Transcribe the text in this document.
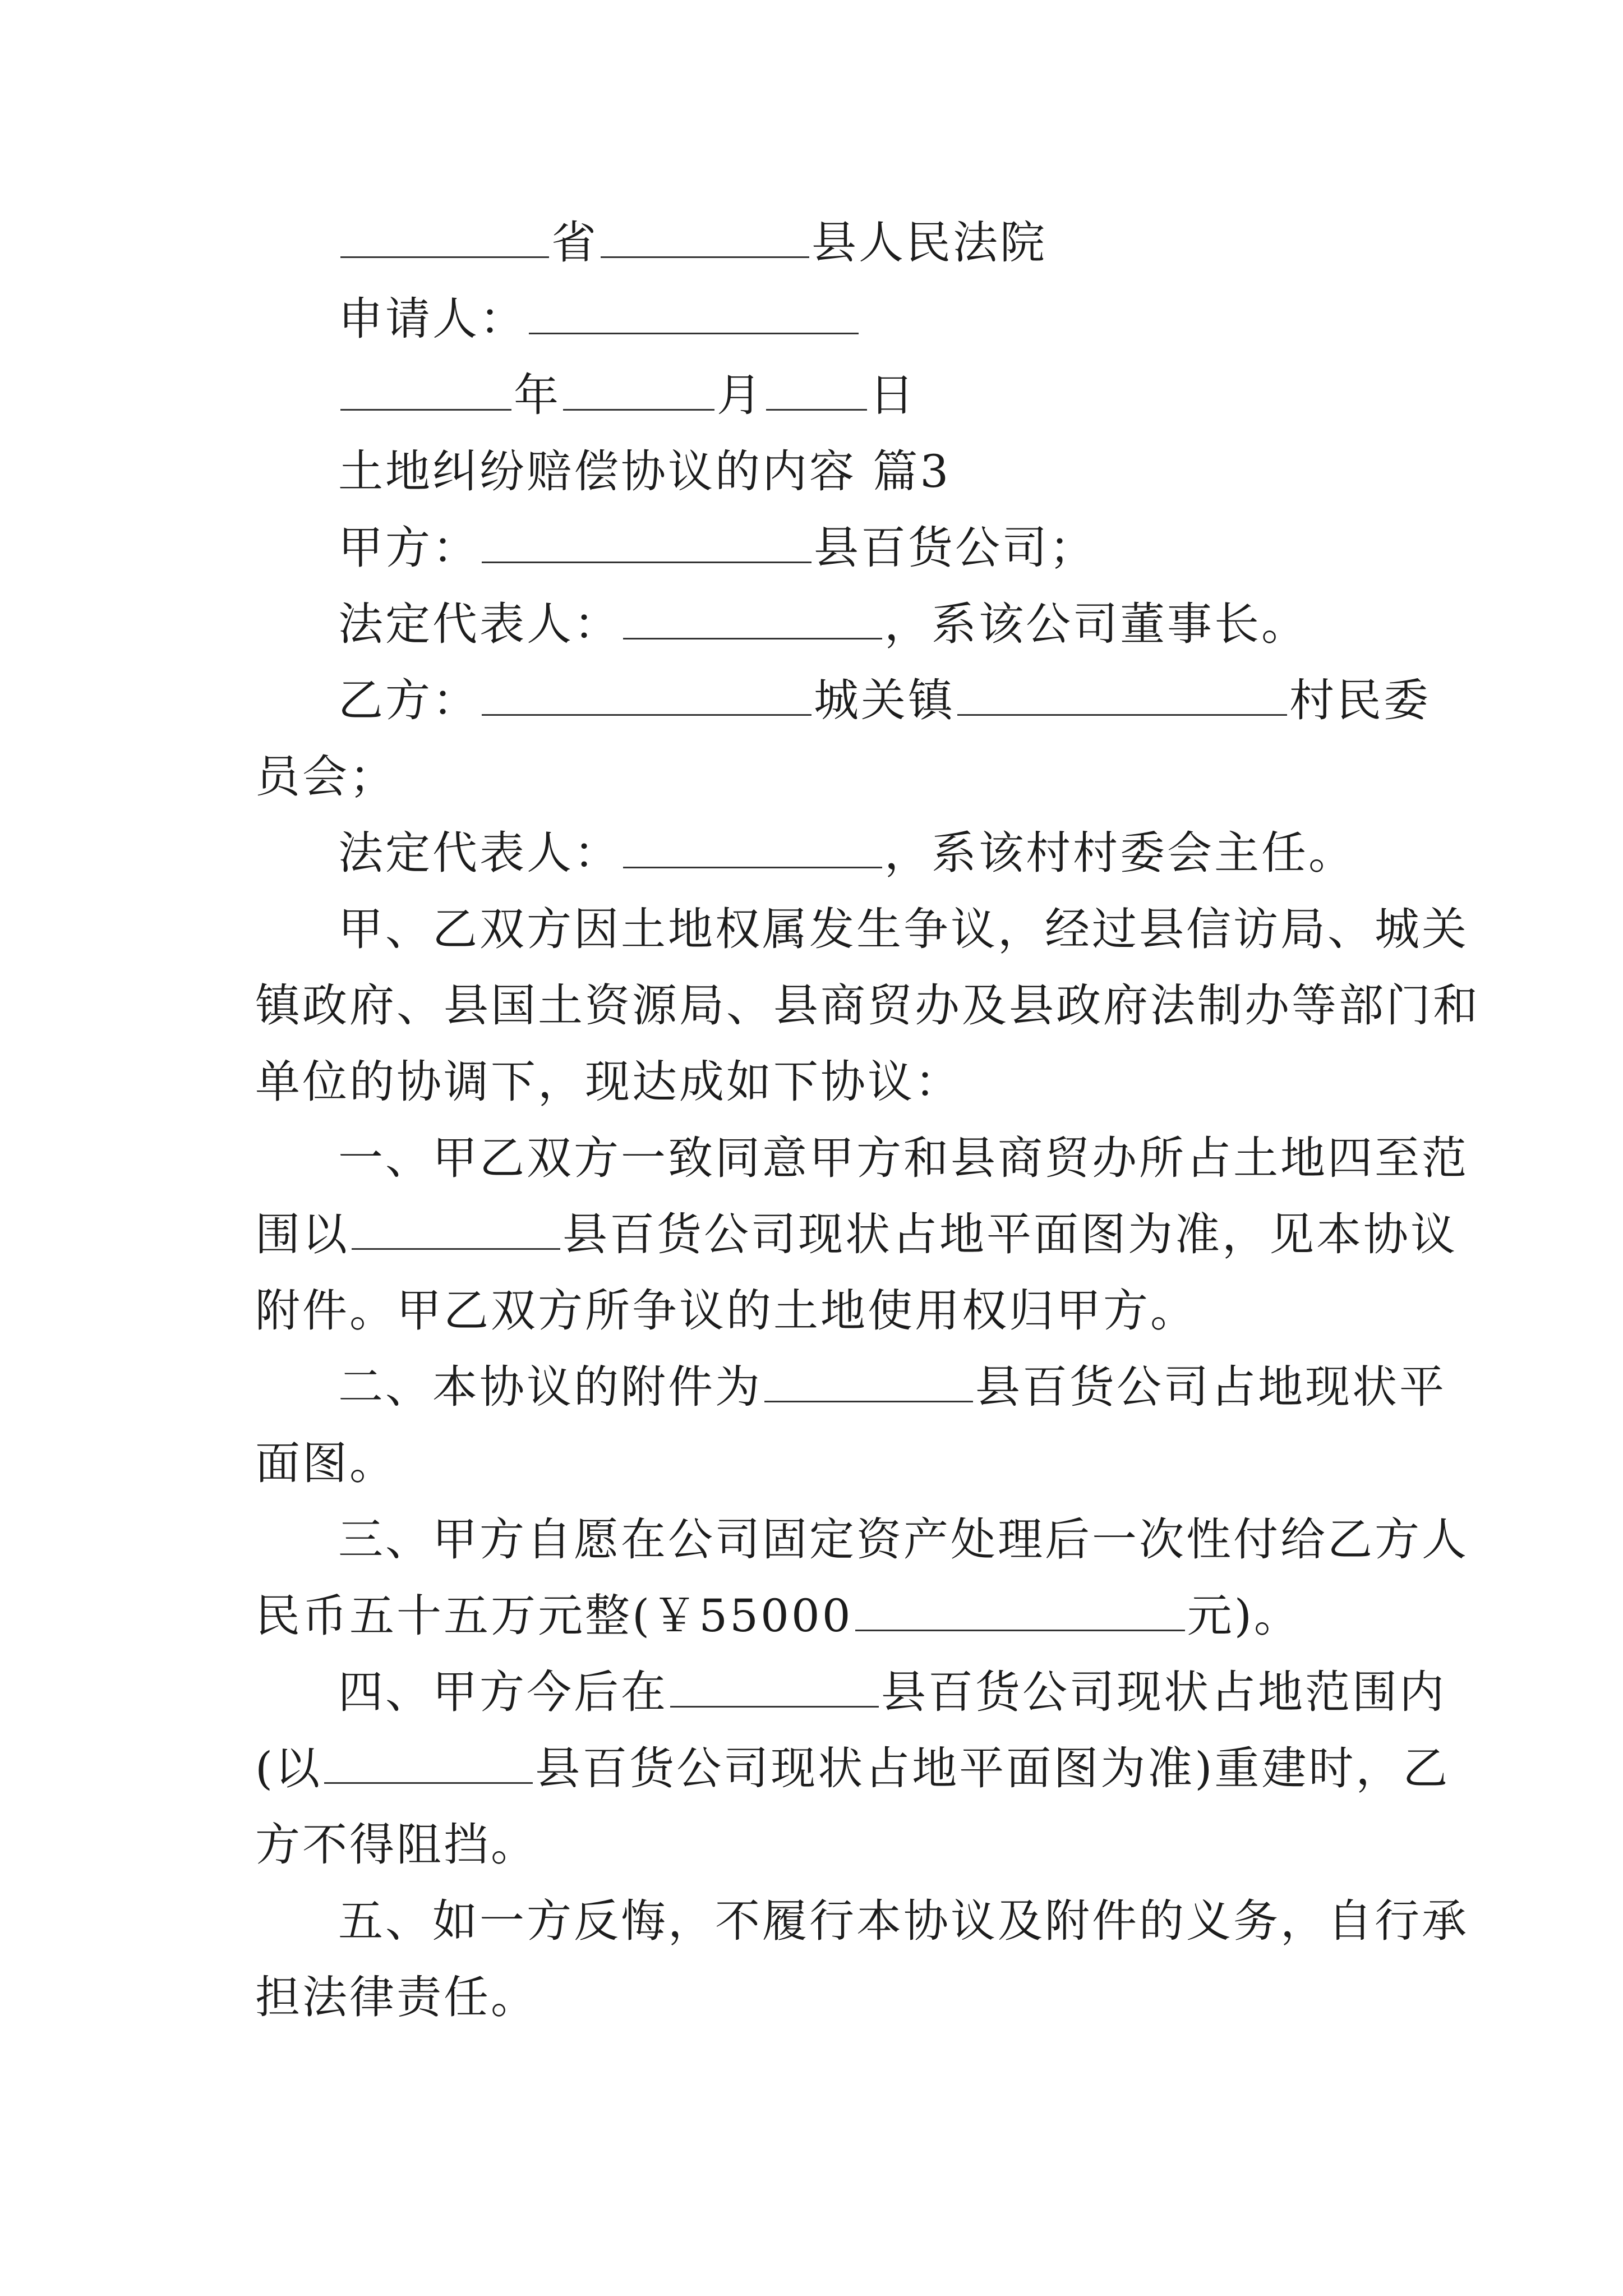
省	县人民法院
申请人：
年	月 日
土地纠纷赔偿协议的内容 篇3
甲方：	县百货公司；
法定代表人：	，系该公司董事长。
乙方：	城关镇	村民委
员会；
法定代表人：	，系该村村委会主任。
甲、乙双方因土地权属发生争议，经过县信访局、城关
镇政府、县国土资源局、县商贸办及县政府法制办等部门和
单位的协调下，现达成如下协议：
一、甲乙双方一致同意甲方和县商贸办所占土地四至范
围以	县百货公司现状占地平面图为准，见本协议
附件。甲乙双方所争议的土地使用权归甲方。
二、本协议的附件为	县百货公司占地现状平
面图。
三、甲方自愿在公司固定资产处理后一次性付给乙方人
民币五十五万元整(￥55000	元)。
四、甲方今后在	县百货公司现状占地范围内
(以	县百货公司现状占地平面图为准)重建时，乙
方不得阻挡。
五、如一方反悔，不履行本协议及附件的义务，自行承
担法律责任。
